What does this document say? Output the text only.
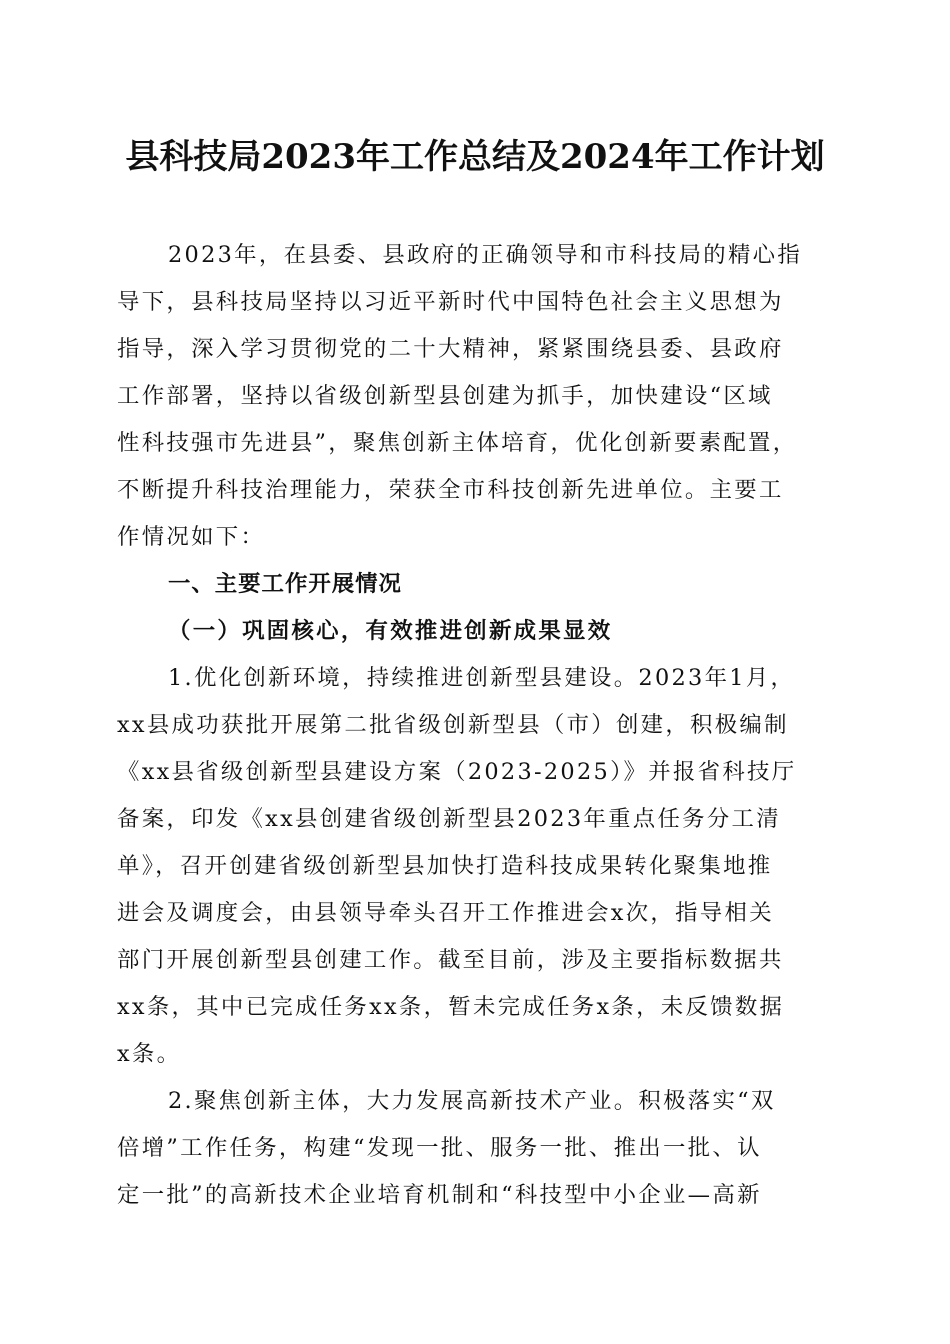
县科技局2023年工作总结及2024年工作计划

2023年，在县委、县政府的正确领导和市科技局的精心指
导下，县科技局坚持以习近平新时代中国特色社会主义思想为
指导，深入学习贯彻党的二十大精神，紧紧围绕县委、县政府
工作部署，坚持以省级创新型县创建为抓手，加快建设“区域
性科技强市先进县”，聚焦创新主体培育，优化创新要素配置，
不断提升科技治理能力，荣获全市科技创新先进单位。主要工
作情况如下：

一、主要工作开展情况

（一）巩固核心，有效推进创新成果显效

1.优化创新环境，持续推进创新型县建设。2023年1月，
xx县成功获批开展第二批省级创新型县（市）创建，积极编制
《xx县省级创新型县建设方案（2023-2025）》并报省科技厅
备案，印发《xx县创建省级创新型县2023年重点任务分工清
单》，召开创建省级创新型县加快打造科技成果转化聚集地推
进会及调度会，由县领导牵头召开工作推进会x次，指导相关
部门开展创新型县创建工作。截至目前，涉及主要指标数据共
xx条，其中已完成任务xx条，暂未完成任务x条，未反馈数据
x条。

2.聚焦创新主体，大力发展高新技术产业。积极落实“双
倍增”工作任务，构建“发现一批、服务一批、推出一批、认
定一批”的高新技术企业培育机制和“科技型中小企业—高新
